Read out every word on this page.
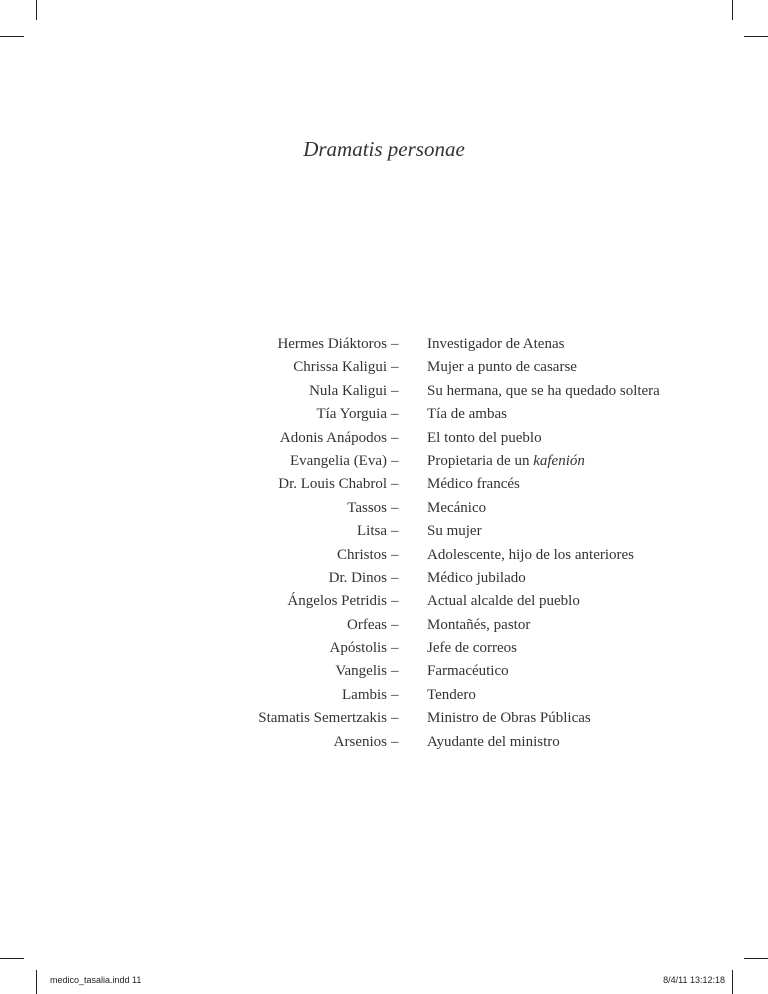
Dramatis personae
Hermes Diáktoros – Investigador de Atenas
Chrissa Kaligui – Mujer a punto de casarse
Nula Kaligui – Su hermana, que se ha quedado soltera
Tía Yorguia – Tía de ambas
Adonis Anápodos – El tonto del pueblo
Evangelia (Eva) – Propietaria de un kafenión
Dr. Louis Chabrol – Médico francés
Tassos – Mecánico
Litsa – Su mujer
Christos – Adolescente, hijo de los anteriores
Dr. Dinos – Médico jubilado
Ángelos Petridis – Actual alcalde del pueblo
Orfeas – Montañés, pastor
Apóstolis – Jefe de correos
Vangelis – Farmacéutico
Lambis – Tendero
Stamatis Semertzakis – Ministro de Obras Públicas
Arsenios – Ayudante del ministro
medico_tasalia.indd 11	8/4/11 13:12:18
